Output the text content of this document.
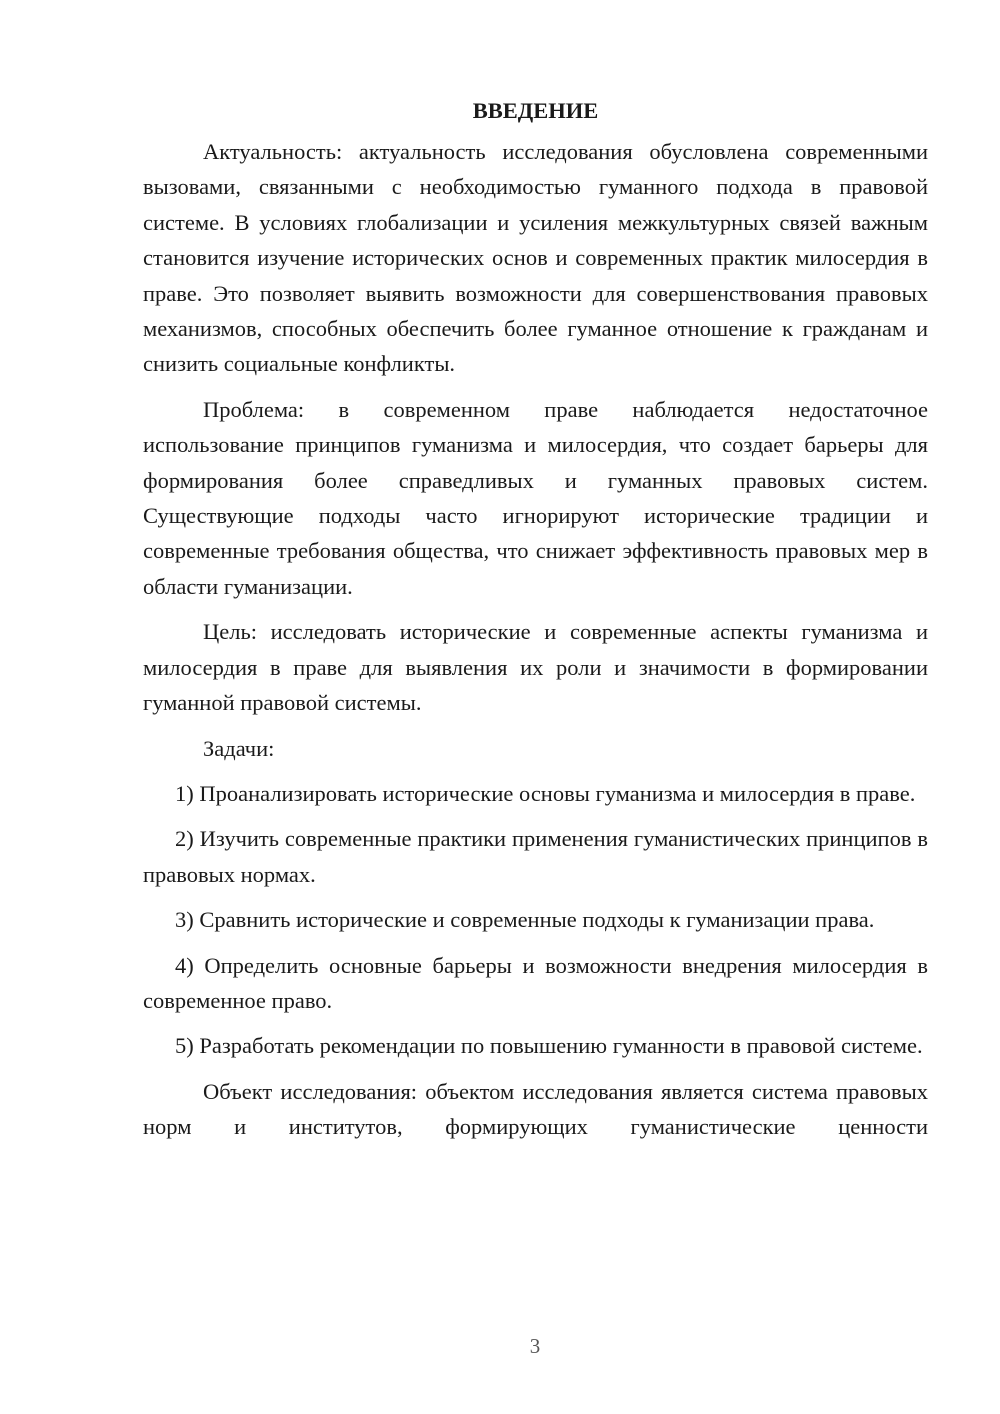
ВВЕДЕНИЕ

Актуальность: актуальность исследования обусловлена современными вызовами, связанными с необходимостью гуманного подхода в правовой системе. В условиях глобализации и усиления межкультурных связей важным становится изучение исторических основ и современных практик милосердия в праве. Это позволяет выявить возможности для совершенствования правовых механизмов, способных обеспечить более гуманное отношение к гражданам и снизить социальные конфликты.

Проблема: в современном праве наблюдается недостаточное использование принципов гуманизма и милосердия, что создает барьеры для формирования более справедливых и гуманных правовых систем. Существующие подходы часто игнорируют исторические традиции и современные требования общества, что снижает эффективность правовых мер в области гуманизации.

Цель: исследовать исторические и современные аспекты гуманизма и милосердия в праве для выявления их роли и значимости в формировании гуманной правовой системы.

Задачи:

1) Проанализировать исторические основы гуманизма и милосердия в праве.

2) Изучить современные практики применения гуманистических принципов в правовых нормах.

3) Сравнить исторические и современные подходы к гуманизации права.

4) Определить основные барьеры и возможности внедрения милосердия в современное право.

5) Разработать рекомендации по повышению гуманности в правовой системе.

Объект исследования: объектом исследования является система правовых норм и институтов, формирующих гуманистические ценности

3
